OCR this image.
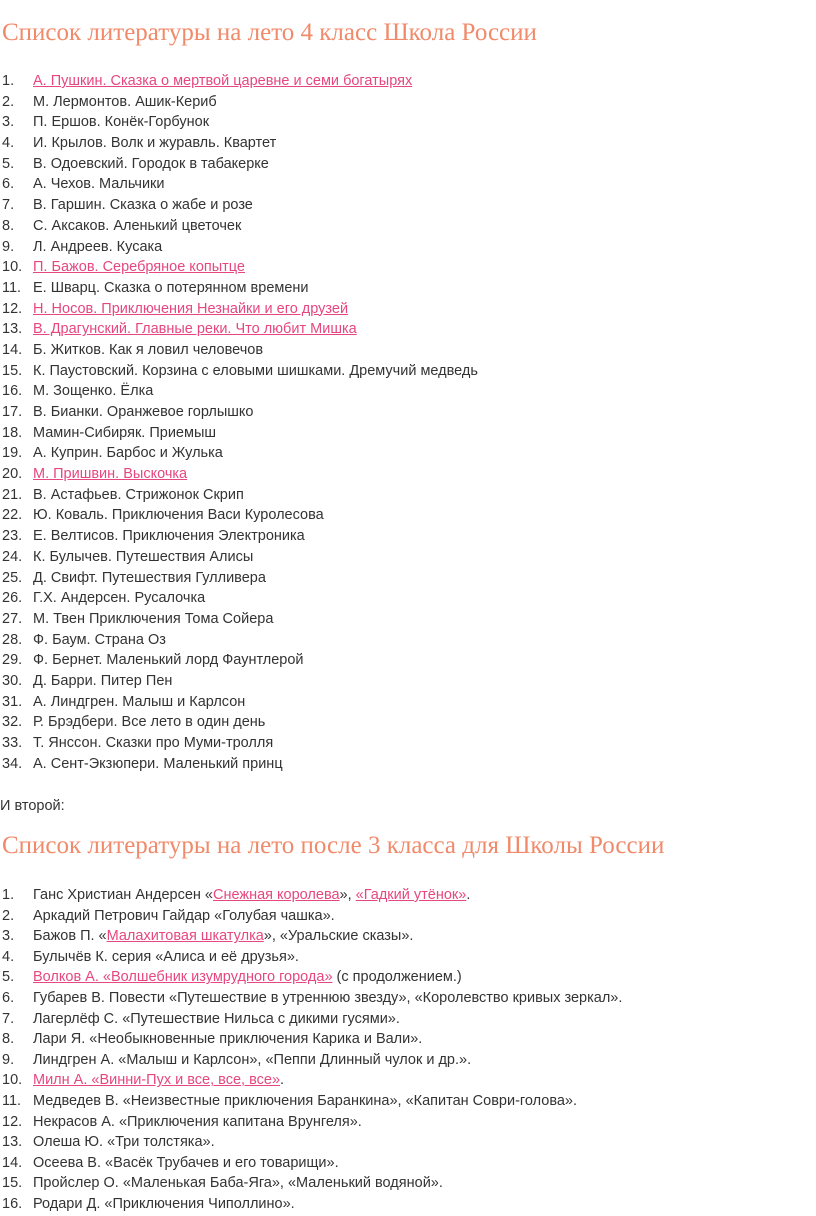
Список литературы на лето 4 класс Школа России
1. А. Пушкин. Сказка о мертвой царевне и семи богатырях
2. М. Лермонтов. Ашик-Кериб
3. П. Ершов. Конёк-Горбунок
4. И. Крылов. Волк и журавль. Квартет
5. В. Одоевский. Городок в табакерке
6. А. Чехов. Мальчики
7. В. Гаршин. Сказка о жабе и розе
8. С. Аксаков. Аленький цветочек
9. Л. Андреев. Кусака
10. П. Бажов. Серебряное копытце
11. Е. Шварц. Сказка о потерянном времени
12. Н. Носов. Приключения Незнайки и его друзей
13. В. Драгунский. Главные реки. Что любит Мишка
14. Б. Житков. Как я ловил человечов
15. К. Паустовский. Корзина с еловыми шишками. Дремучий медведь
16. М. Зощенко. Ёлка
17. В. Бианки. Оранжевое горлышко
18. Мамин-Сибиряк. Приемыш
19. А. Куприн. Барбос и Жулька
20. М. Пришвин. Выскочка
21. В. Астафьев. Стрижонок Скрип
22. Ю. Коваль. Приключения Васи Куролесова
23. Е. Велтисов. Приключения Электроника
24. К. Булычев. Путешествия Алисы
25. Д. Свифт. Путешествия Гулливера
26. Г.Х. Андерсен. Русалочка
27. М. Твен Приключения Тома Сойера
28. Ф. Баум. Страна Оз
29. Ф. Бернет. Маленький лорд Фаунтлерой
30. Д. Барри. Питер Пен
31. А. Линдгрен. Малыш и Карлсон
32. Р. Брэдбери. Все лето в один день
33. Т. Янссон. Сказки про Муми-тролля
34. А. Сент-Экзюпери. Маленький принц
И второй:
Список литературы на лето после 3 класса для Школы России
1. Ганс Христиан Андерсен «Снежная королева», «Гадкий утёнок».
2. Аркадий Петрович Гайдар «Голубая чашка».
3. Бажов П. «Малахитовая шкатулка», «Уральские сказы».
4. Булычёв К. серия «Алиса и её друзья».
5. Волков А. «Волшебник изумрудного города» (с продолжением.)
6. Губарев В. Повести «Путешествие в утреннюю звезду», «Королевство кривых зеркал».
7. Лагерлёф С. «Путешествие Нильса с дикими гусями».
8. Лари Я. «Необыкновенные приключения Карика и Вали».
9. Линдгрен А. «Малыш и Карлсон», «Пеппи Длинный чулок и др.».
10. Милн А. «Винни-Пух и все, все, все».
11. Медведев В. «Неизвестные приключения Баранкина», «Капитан Соври-голова».
12. Некрасов А. «Приключения капитана Врунгеля».
13. Олеша Ю. «Три толстяка».
14. Осеева В. «Васёк Трубачев и его товарищи».
15. Пройслер О. «Маленькая Баба-Яга», «Маленький водяной».
16. Родари Д. «Приключения Чиполлино».
